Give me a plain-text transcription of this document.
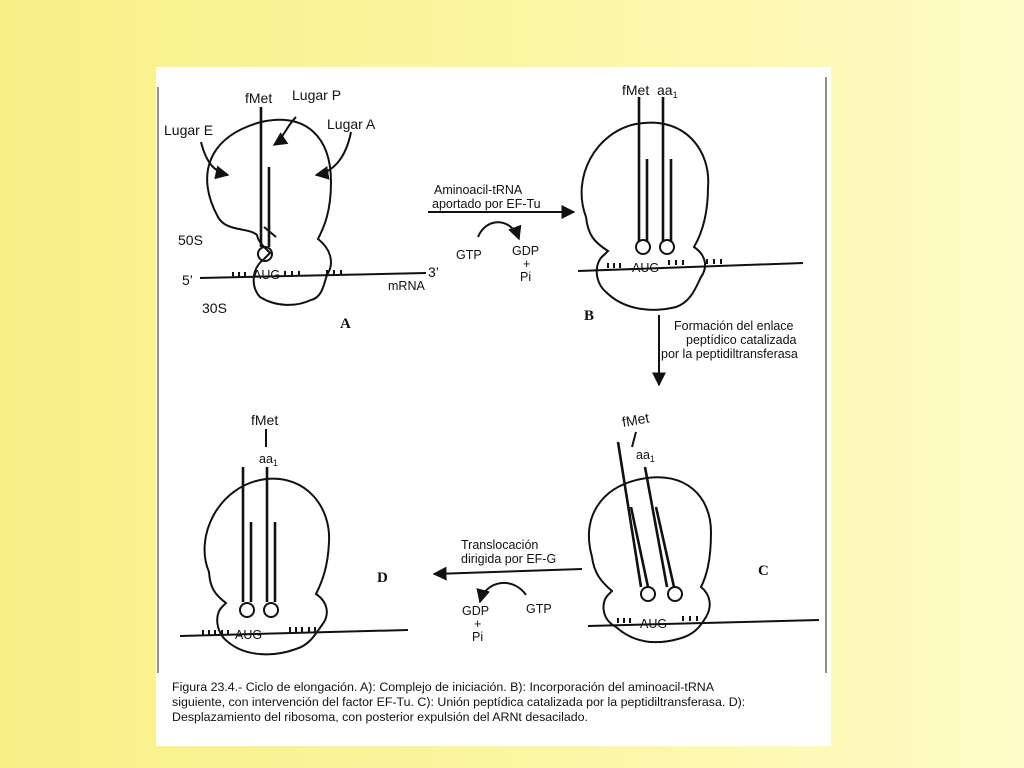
fMet Lugar P
Lugar E	Lugar A
50S
30S
5’	3’
mRNA
AUG
A
Aminoacil-tRNA
aportado por EF-Tu
GTP GDP
+
Pi
fMet $aa_1$
AUG
B
Formación del enlace
peptídico catalizada
por la peptidiltransferasa
fMet
$aa_1$
AUG
C
Translocación
dirigida por EF-G
GDP
+
Pi
GTP
fMet
$aa_1$
AUG
D
Figura 23.4.- Ciclo de elongación. A): Complejo de iniciación. B): Incorporación del aminoacil-tRNA
siguiente, con intervención del factor EF-Tu. C): Unión peptídica catalizada por la peptidiltransferasa. D):
Desplazamiento del ribosoma, con posterior expulsión del ARNt desacilado.
